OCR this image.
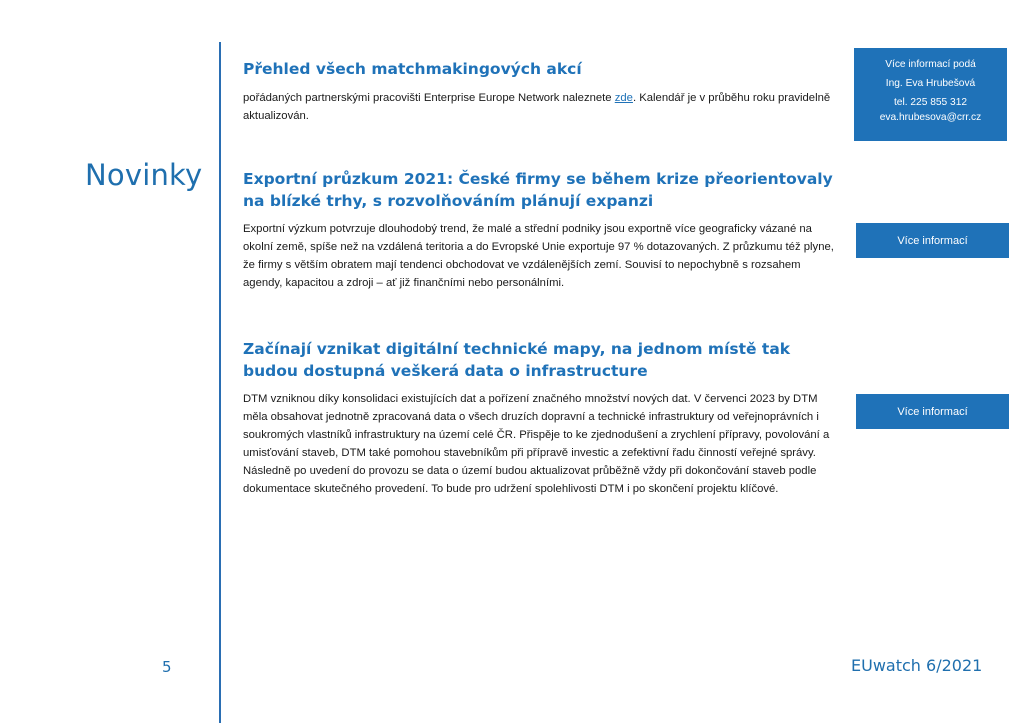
Novinky
Přehled všech matchmakingových akcí

pořádaných partnerskými pracovišti Enterprise Europe Network naleznete zde. Kalendář je v průběhu roku pravidelně aktualizován.

Exportní průzkum 2021: České firmy se během krize přeorientovaly na blízké trhy, s rozvolňováním plánují expanzi

Exportní výzkum potvrzuje dlouhodobý trend, že malé a střední podniky jsou exportně více geograficky vázané na okolní země, spíše než na vzdálená teritoria a do Evropské Unie exportuje 97 % dotazovaných. Z průzkumu též plyne, že firmy s větším obratem mají tendenci obchodovat ve vzdálenějších zemí. Souvisí to nepochybně s rozsahem agendy, kapacitou a zdroji – ať již finančními nebo personálními.

Začínají vznikat digitální technické mapy, na jednom místě tak budou dostupná veškerá data o infrastructure

DTM vzniknou díky konsolidaci existujících dat a pořízení značného množství nových dat. V červenci 2023 by DTM měla obsahovat jednotně zpracovaná data o všech druzích dopravní a technické infrastruktury od veřejnoprávních i soukromých vlastníků infrastruktury na území celé ČR. Přispěje to ke zjednodušení a zrychlení přípravy, povolování a umisťování staveb, DTM také pomohou stavebníkům při přípravě investic a zefektivní řadu činností veřejné správy. Následně po uvedení do provozu se data o území budou aktualizovat průběžně vždy při dokončování staveb podle dokumentace skutečného provedení. To bude pro udržení spolehlivosti DTM i po skončení projektu klíčové.

Více informací podá
Ing. Eva Hrubešová
tel. 225 855 312
eva.hrubesova@crr.cz
Více informací
Více informací
5	EUwatch 6/2021
